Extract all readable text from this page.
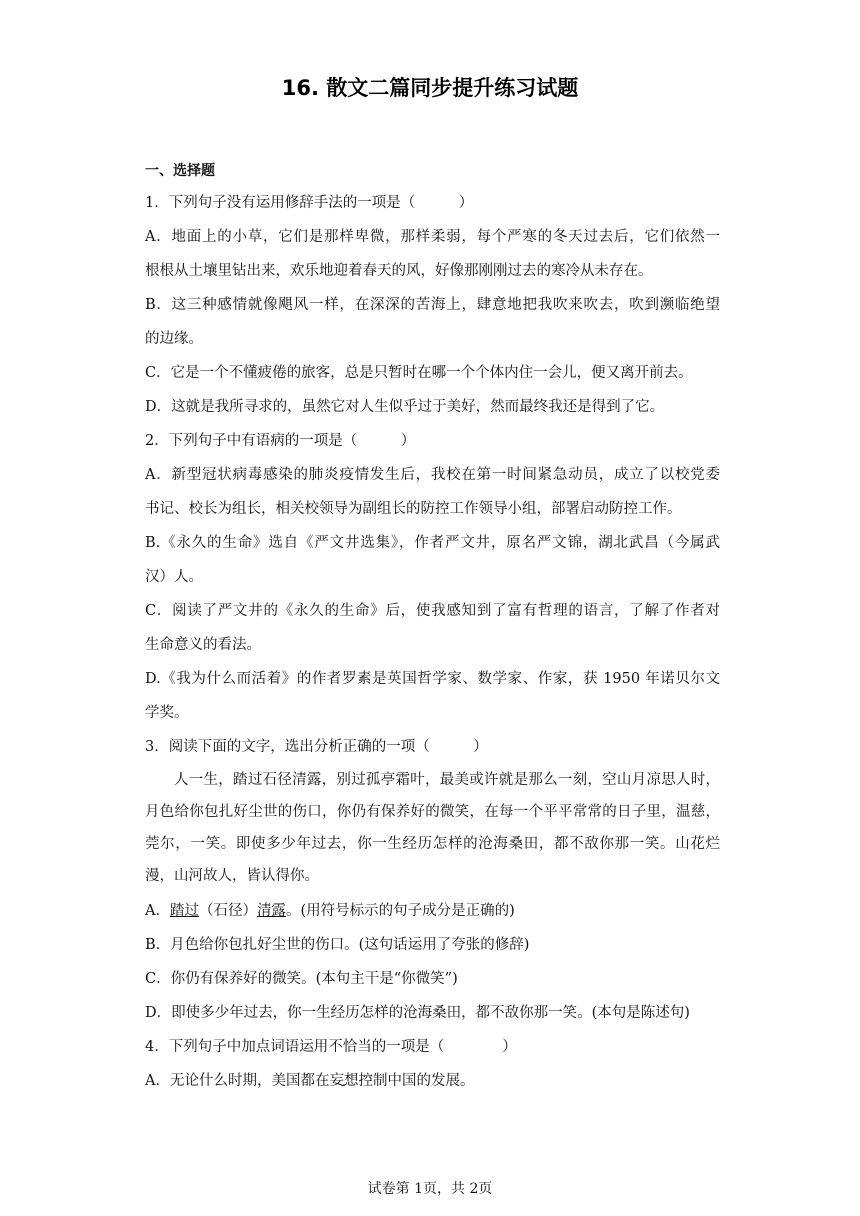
16. 散文二篇同步提升练习试题
一、选择题
1．下列句子没有运用修辞手法的一项是（　　　）
A．地面上的小草，它们是那样卑微，那样柔弱，每个严寒的冬天过去后，它们依然一
根根从土壤里钻出来，欢乐地迎着春天的风，好像那刚刚过去的寒冷从未存在。
B．这三种感情就像飓风一样，在深深的苦海上，肆意地把我吹来吹去，吹到濒临绝望
的边缘。
C．它是一个不懂疲倦的旅客，总是只暂时在哪一个个体内住一会儿，便又离开前去。
D．这就是我所寻求的，虽然它对人生似乎过于美好，然而最终我还是得到了它。
2．下列句子中有语病的一项是（　　　）
A．新型冠状病毒感染的肺炎疫情发生后，我校在第一时间紧急动员，成立了以校党委
书记、校长为组长，相关校领导为副组长的防控工作领导小组，部署启动防控工作。
B.《永久的生命》选自《严文井选集》，作者严文井，原名严文锦，湖北武昌（今属武
汉）人。
C．阅读了严文井的《永久的生命》后，使我感知到了富有哲理的语言，了解了作者对
生命意义的看法。
D.《我为什么而活着》的作者罗素是英国哲学家、数学家、作家，获 1950 年诺贝尔文
学奖。
3．阅读下面的文字，选出分析正确的一项（　　　）
人一生，踏过石径清露，别过孤亭霜叶，最美或许就是那么一刻，空山月凉思人时，月色给你包扎好尘世的伤口，你仍有保养好的微笑，在每一个平平常常的日子里，温慈，莞尔，一笑。即使多少年过去，你一生经历怎样的沧海桑田，都不敌你那一笑。山花烂漫，山河故人，皆认得你。
A．踏过（石径）清露。(用符号标示的句子成分是正确的)
B．月色给你包扎好尘世的伤口。(这句话运用了夸张的修辞)
C．你仍有保养好的微笑。(本句主干是“你微笑”)
D．即使多少年过去，你一生经历怎样的沧海桑田，都不敌你那一笑。(本句是陈述句)
4．下列句子中加点词语运用不恰当的一项是（　　　　）
A．无论什么时期，美国都在妄想控制中国的发展。
试卷第 1页，共 2页
